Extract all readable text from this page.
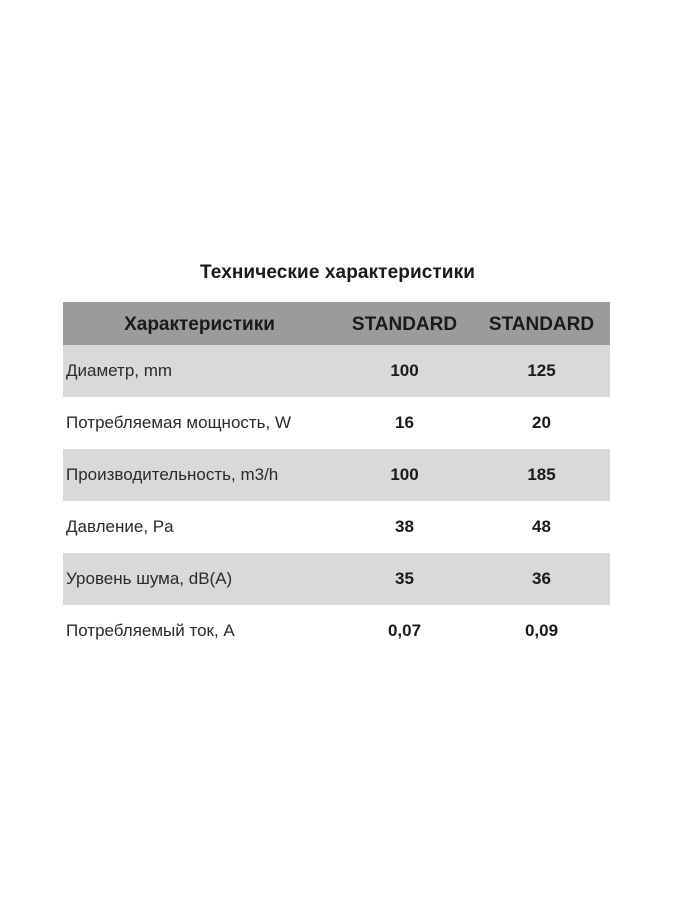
Технические характеристики
Характеристики	STANDARD	STANDARD
Диаметр, mm	100	125
Потребляемая мощность, W	16	20
Производительность, m3/h	100	185
Давление, Pa	38	48
Уровень шума, dB(A)	35	36
Потребляемый ток, A	0,07	0,09
